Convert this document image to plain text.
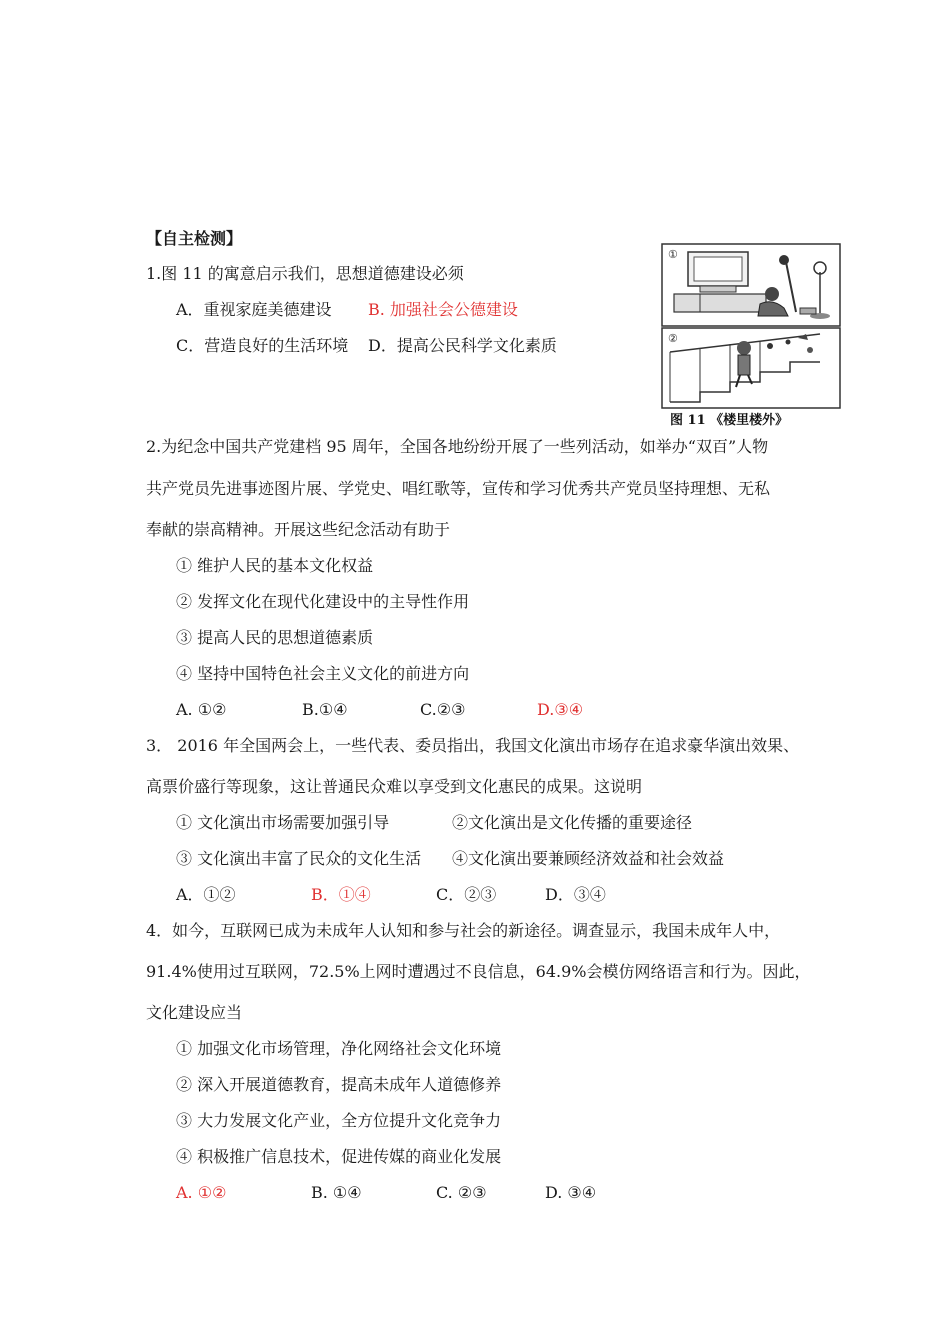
【自主检测】
1.图 11 的寓意启示我们，思想道德建设必须
A．重视家庭美德建设 B. 加强社会公德建设
C．营造良好的生活环境 D．提高公民科学文化素质
①
②
图 11 《楼里楼外》
2.为纪念中国共产党建档 95 周年，全国各地纷纷开展了一些列活动，如举办“双百”人物
共产党员先进事迹图片展、学党史、唱红歌等，宣传和学习优秀共产党员坚持理想、无私
奉献的崇高精神。开展这些纪念活动有助于
① 维护人民的基本文化权益
② 发挥文化在现代化建设中的主导性作用
③ 提高人民的思想道德素质
④ 坚持中国特色社会主义文化的前进方向
A. ①②	B.①④	C.②③	D.③④
3． 2016 年全国两会上，一些代表、委员指出，我国文化演出市场存在追求豪华演出效果、
高票价盛行等现象，这让普通民众难以享受到文化惠民的成果。这说明
① 文化演出市场需要加强引导	②文化演出是文化传播的重要途径
③ 文化演出丰富了民众的文化生活 ④文化演出要兼顾经济效益和社会效益
A．①②	B．①④	C．②③	D．③④
4．如今，互联网已成为未成年人认知和参与社会的新途径。调查显示，我国未成年人中，
91.4%使用过互联网，72.5%上网时遭遇过不良信息，64.9%会模仿网络语言和行为。因此，
文化建设应当
① 加强文化市场管理，净化网络社会文化环境
② 深入开展道德教育，提高未成年人道德修养
③ 大力发展文化产业，全方位提升文化竞争力
④ 积极推广信息技术，促进传媒的商业化发展
A. ①②	B. ①④	C. ②③	D. ③④
